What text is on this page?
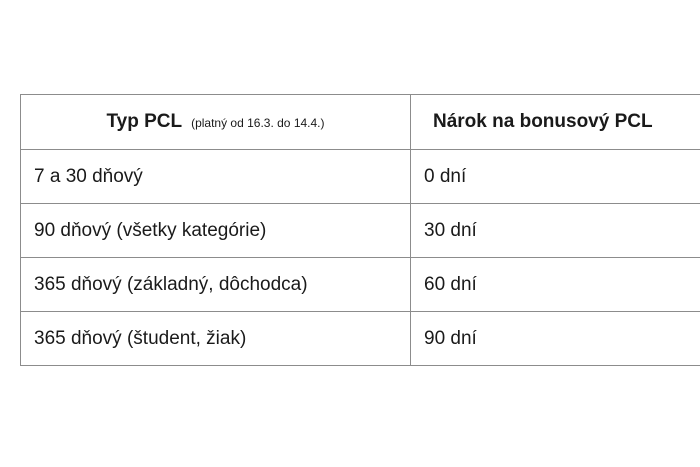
Typ PCL (platný od 16.3. do 14.4.)	Nárok na bonusový PCL
7 a 30 dňový	0 dní
90 dňový (všetky kategórie)	30 dní
365 dňový (základný, dôchodca)	60 dní
365 dňový (študent, žiak)	90 dní
